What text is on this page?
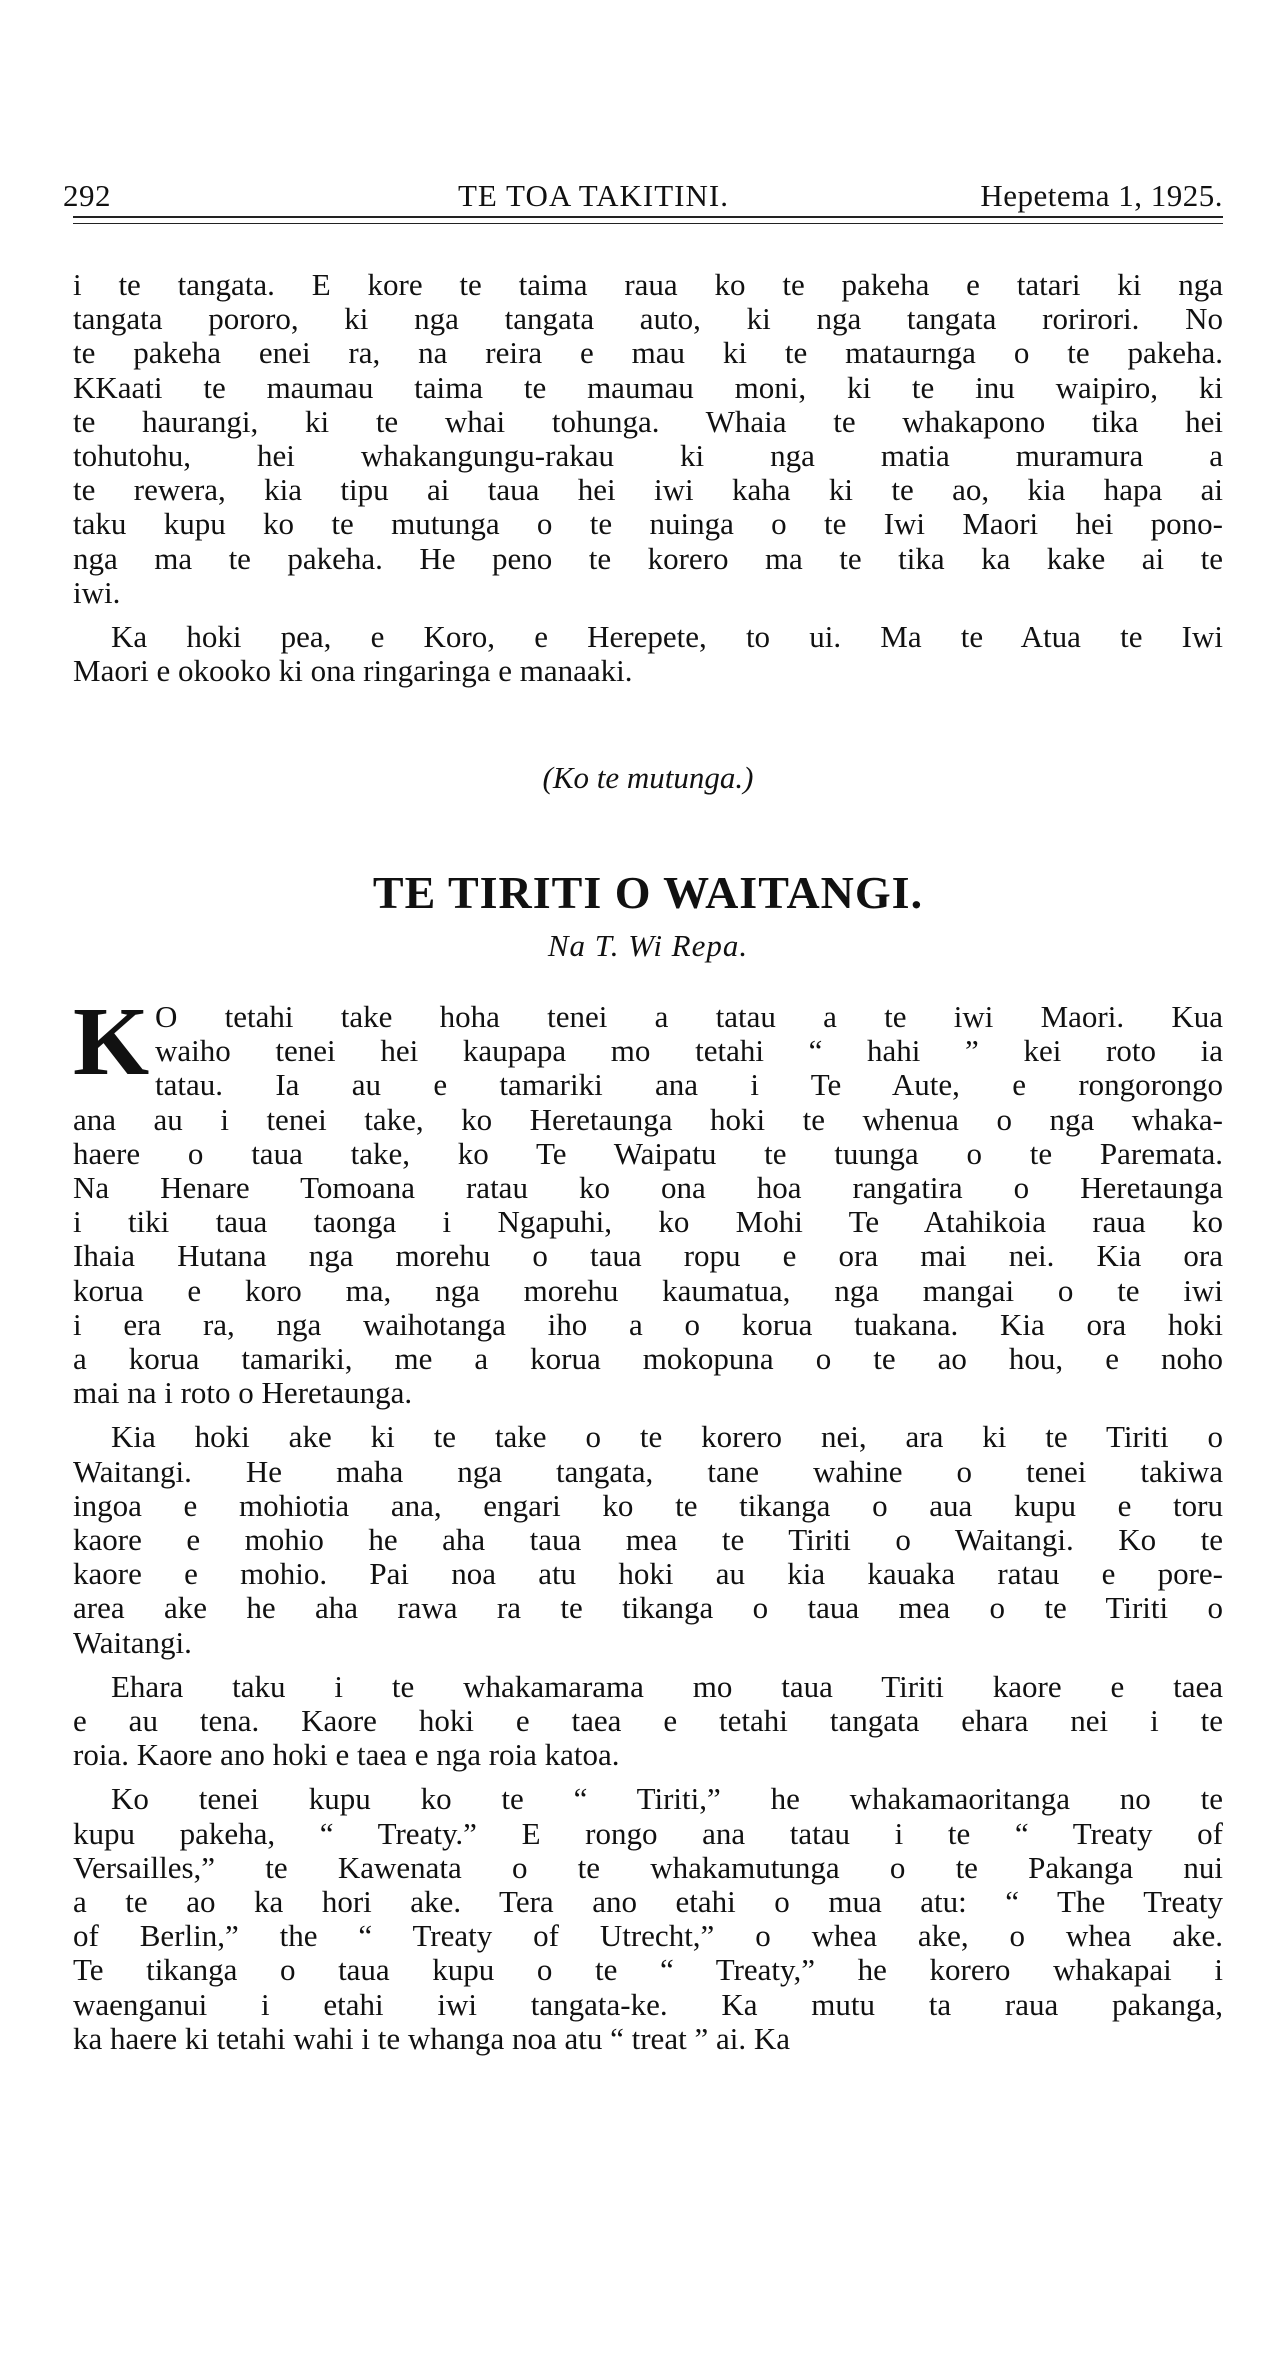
292	TE TOA TAKITINI.	Hepetema 1, 1925.
i te tangata. E kore te taima raua ko te pakeha e tatari ki nga
tangata pororo, ki nga tangata auto, ki nga tangata rorirori. No
te pakeha enei ra, na reira e mau ki te mataurnga o te pakeha.
KKaati te maumau taima te maumau moni, ki te inu waipiro, ki
te haurangi, ki te whai tohunga. Whaia te whakapono tika hei
tohutohu, hei whakangungu-rakau ki nga matia muramura a
te rewera, kia tipu ai taua hei iwi kaha ki te ao, kia hapa ai
taku kupu ko te mutunga o te nuinga o te Iwi Maori hei pono-
nga ma te pakeha. He peno te korero ma te tika ka kake ai te
iwi.
Ka hoki pea, e Koro, e Herepete, to ui. Ma te Atua te Iwi
Maori e okooko ki ona ringaringa e manaaki.
(Ko te mutunga.)
TE TIRITI O WAITANGI.
Na T. Wi Repa.
K O tetahi take hoha tenei a tatau a te iwi Maori. Kua
waiho tenei hei kaupapa mo tetahi “ hahi ” kei roto ia
tatau. Ia au e tamariki ana i Te Aute, e rongorongo
ana au i tenei take, ko Heretaunga hoki te whenua o nga whaka-
haere o taua take, ko Te Waipatu te tuunga o te Paremata.
Na Henare Tomoana ratau ko ona hoa rangatira o Heretaunga
i tiki taua taonga i Ngapuhi, ko Mohi Te Atahikoia raua ko
Ihaia Hutana nga morehu o taua ropu e ora mai nei. Kia ora
korua e koro ma, nga morehu kaumatua, nga mangai o te iwi
i era ra, nga waihotanga iho a o korua tuakana. Kia ora hoki
a korua tamariki, me a korua mokopuna o te ao hou, e noho
mai na i roto o Heretaunga.
Kia hoki ake ki te take o te korero nei, ara ki te Tiriti o
Waitangi. He maha nga tangata, tane wahine o tenei takiwa
ingoa e mohiotia ana, engari ko te tikanga o aua kupu e toru
kaore e mohio he aha taua mea te Tiriti o Waitangi. Ko te
kaore e mohio. Pai noa atu hoki au kia kauaka ratau e pore-
area ake he aha rawa ra te tikanga o taua mea o te Tiriti o
Waitangi.
Ehara taku i te whakamarama mo taua Tiriti kaore e taea
e au tena. Kaore hoki e taea e tetahi tangata ehara nei i te
roia. Kaore ano hoki e taea e nga roia katoa.
Ko tenei kupu ko te “ Tiriti,” he whakamaoritanga no te
kupu pakeha, “ Treaty.” E rongo ana tatau i te “ Treaty of
Versailles,” te Kawenata o te whakamutunga o te Pakanga nui
a te ao ka hori ake. Tera ano etahi o mua atu: “ The Treaty
of Berlin,” the “ Treaty of Utrecht,” o whea ake, o whea ake.
Te tikanga o taua kupu o te “ Treaty,” he korero whakapai i
waenganui i etahi iwi tangata-ke. Ka mutu ta raua pakanga,
ka haere ki tetahi wahi i te whanga noa atu “ treat ” ai. Ka
